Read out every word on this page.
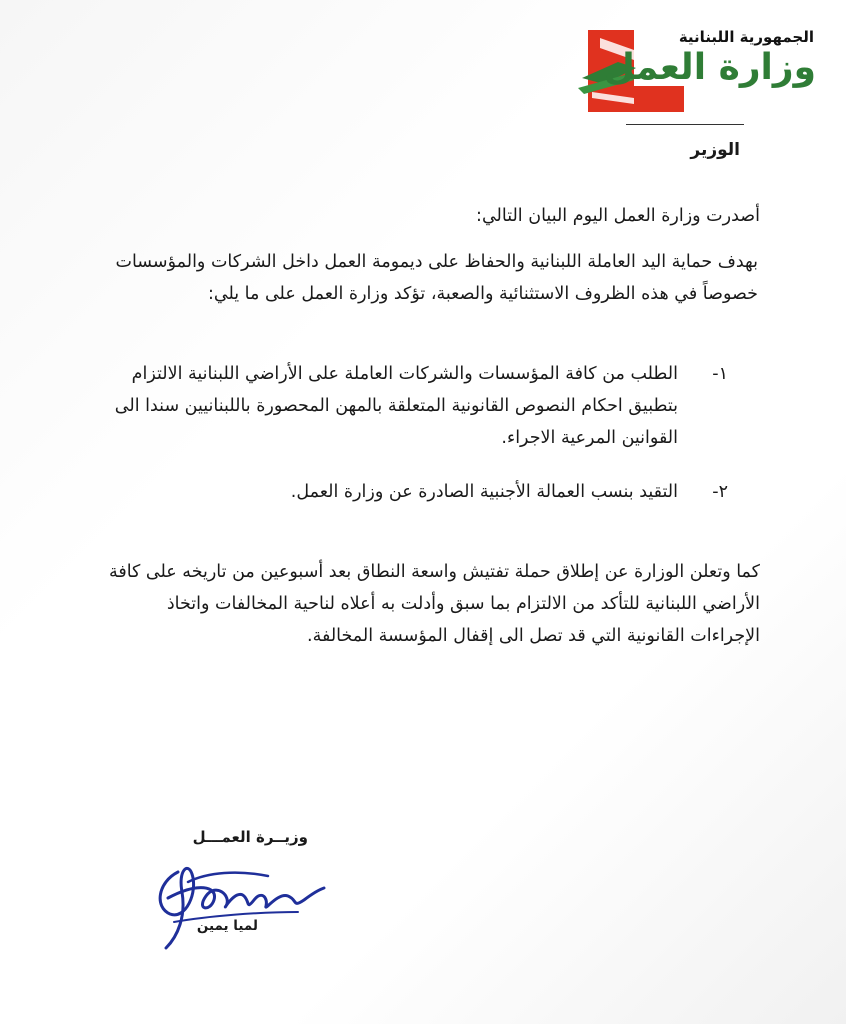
الجمهورية اللبنانية
وزارة العمل
الوزير
أصدرت وزارة العمل اليوم البيان التالي:
بهدف حماية اليد العاملة اللبنانية والحفاظ على ديمومة العمل داخل الشركات والمؤسسات
خصوصاً في هذه الظروف الاستثنائية والصعبة، تؤكد وزارة العمل على ما يلي:
١-
الطلب من كافة المؤسسات والشركات العاملة على الأراضي اللبنانية الالتزام
بتطبيق احكام النصوص القانونية المتعلقة بالمهن المحصورة باللبنانيين سندا الى
القوانين المرعية الاجراء.
٢-
التقيد بنسب العمالة الأجنبية الصادرة عن وزارة العمل.
كما وتعلن الوزارة عن إطلاق حملة تفتيش واسعة النطاق بعد أسبوعين من تاريخه على كافة
الأراضي اللبنانية للتأكد من الالتزام بما سبق وأدلت به أعلاه لناحية المخالفات واتخاذ
الإجراءات القانونية التي قد تصل الى إقفال المؤسسة المخالفة.
وزيــرة العمـــل
لميا يمين
